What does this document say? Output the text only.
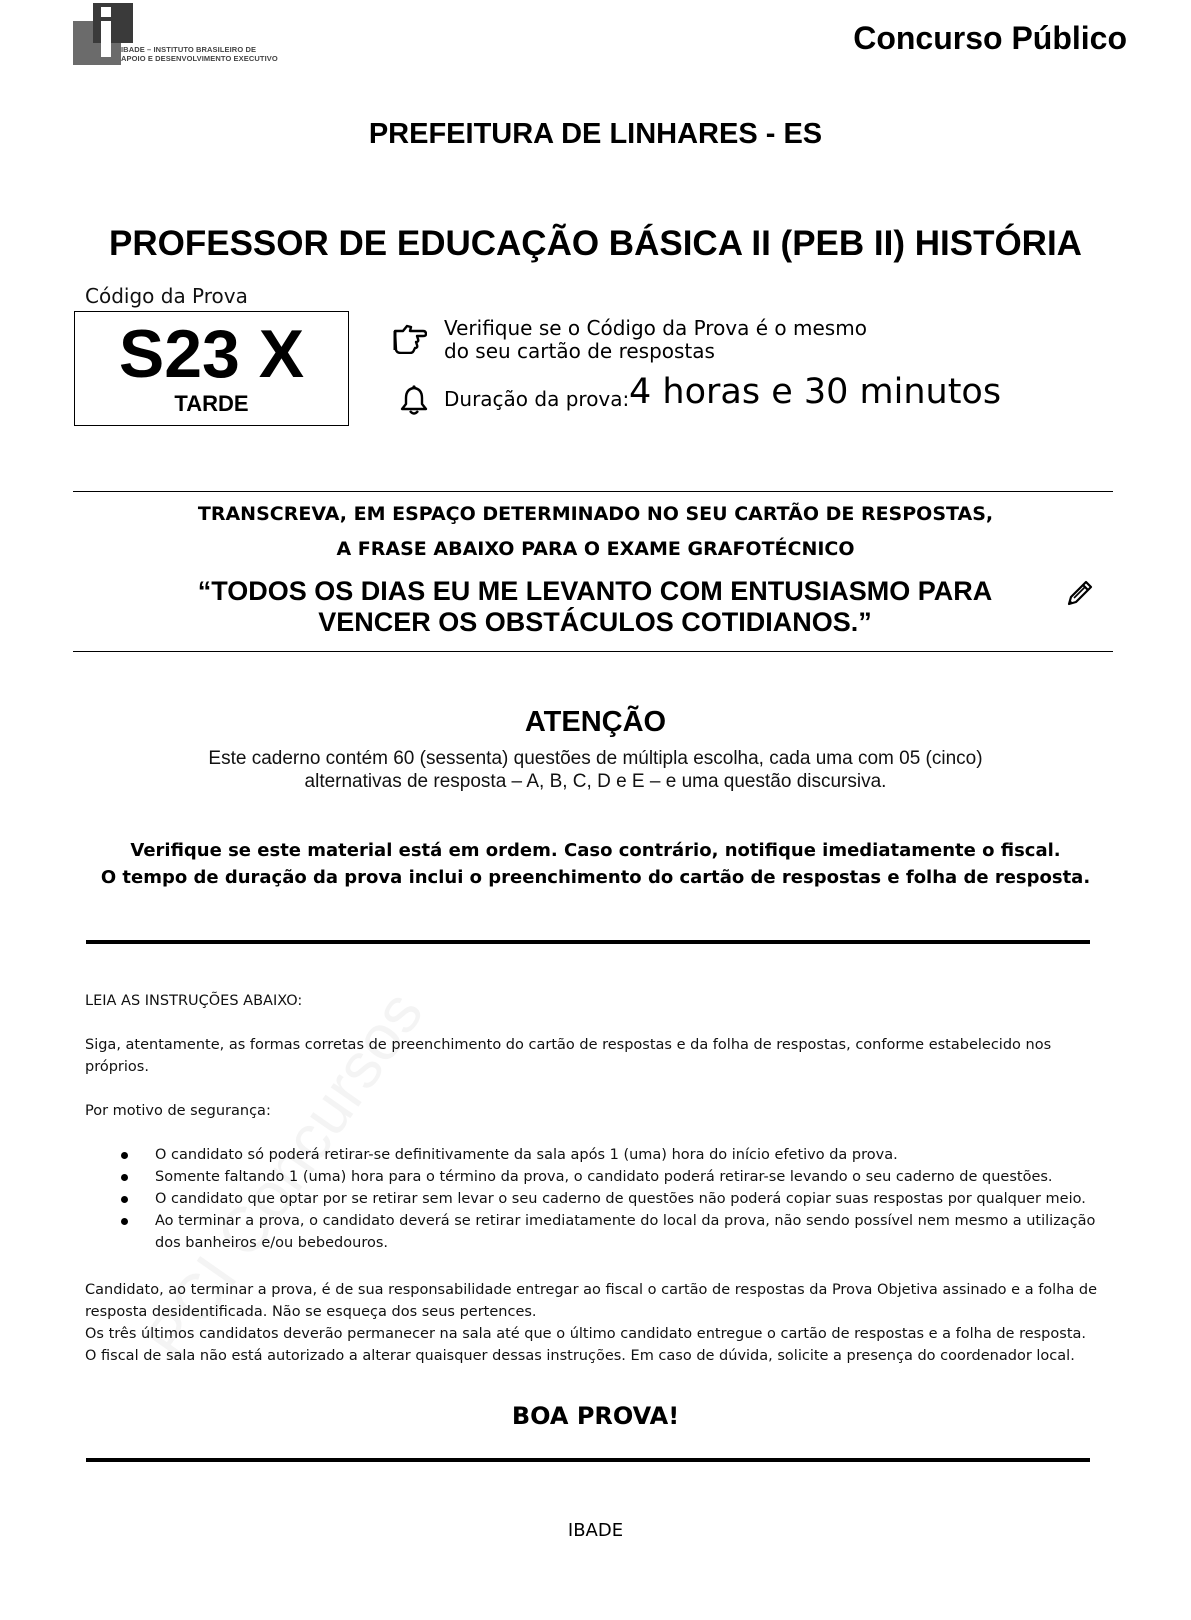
IBADE – INSTITUTO BRASILEIRO DE
APOIO E DESENVOLVIMENTO EXECUTIVO
Concurso Público
PREFEITURA DE LINHARES - ES
PROFESSOR DE EDUCAÇÃO BÁSICA II (PEB II) HISTÓRIA
Código da Prova
S23 X
TARDE
Verifique se o Código da Prova é o mesmo
do seu cartão de respostas
Duração da prova: 4 horas e 30 minutos
TRANSCREVA, EM ESPAÇO DETERMINADO NO SEU CARTÃO DE RESPOSTAS,
A FRASE ABAIXO PARA O EXAME GRAFOTÉCNICO
“TODOS OS DIAS EU ME LEVANTO COM ENTUSIASMO PARA VENCER OS OBSTÁCULOS COTIDIANOS.”
ATENÇÃO
Este caderno contém 60 (sessenta) questões de múltipla escolha, cada uma com 05 (cinco) alternativas de resposta – A, B, C, D e E – e uma questão discursiva.
Verifique se este material está em ordem. Caso contrário, notifique imediatamente o fiscal.
O tempo de duração da prova inclui o preenchimento do cartão de respostas e folha de resposta.
LEIA AS INSTRUÇÕES ABAIXO:
Siga, atentamente, as formas corretas de preenchimento do cartão de respostas e da folha de respostas, conforme estabelecido nos próprios.
Por motivo de segurança:
O candidato só poderá retirar-se definitivamente da sala após 1 (uma) hora do início efetivo da prova.
Somente faltando 1 (uma) hora para o término da prova, o candidato poderá retirar-se levando o seu caderno de questões.
O candidato que optar por se retirar sem levar o seu caderno de questões não poderá copiar suas respostas por qualquer meio.
Ao terminar a prova, o candidato deverá se retirar imediatamente do local da prova, não sendo possível nem mesmo a utilização dos banheiros e/ou bebedouros.
Candidato, ao terminar a prova, é de sua responsabilidade entregar ao fiscal o cartão de respostas da Prova Objetiva assinado e a folha de resposta desidentificada. Não se esqueça dos seus pertences.
Os três últimos candidatos deverão permanecer na sala até que o último candidato entregue o cartão de respostas e a folha de resposta.
O fiscal de sala não está autorizado a alterar quaisquer dessas instruções. Em caso de dúvida, solicite a presença do coordenador local.
BOA PROVA!
IBADE
